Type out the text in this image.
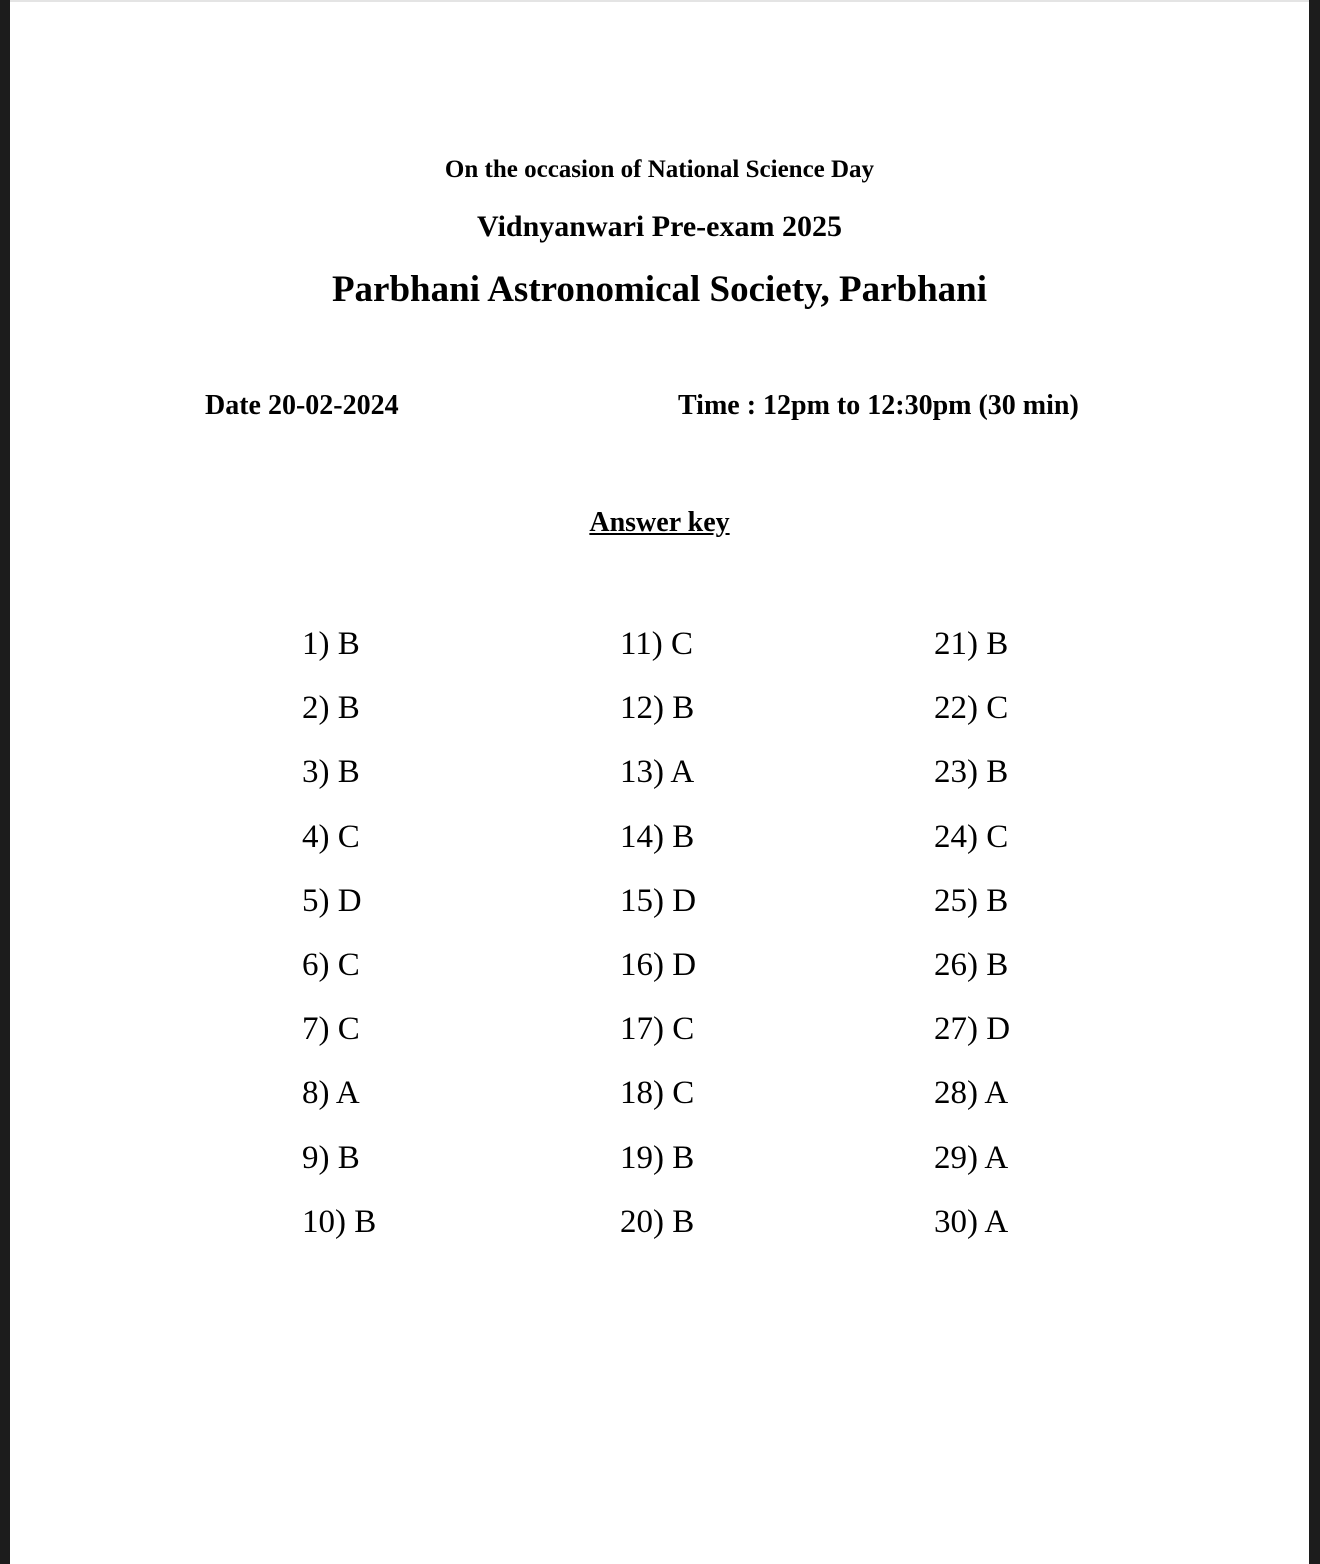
On the occasion of National Science Day
Vidnyanwari Pre-exam 2025
Parbhani Astronomical Society, Parbhani
Date 20-02-2024	Time : 12pm to 12:30pm (30 min)
Answer key
1) B
2) B
3) B
4) C
5) D
6) C
7) C
8) A
9) B
10) B
11) C
12) B
13) A
14) B
15) D
16) D
17) C
18) C
19) B
20) B
21) B
22) C
23) B
24) C
25) B
26) B
27) D
28) A
29) A
30) A
